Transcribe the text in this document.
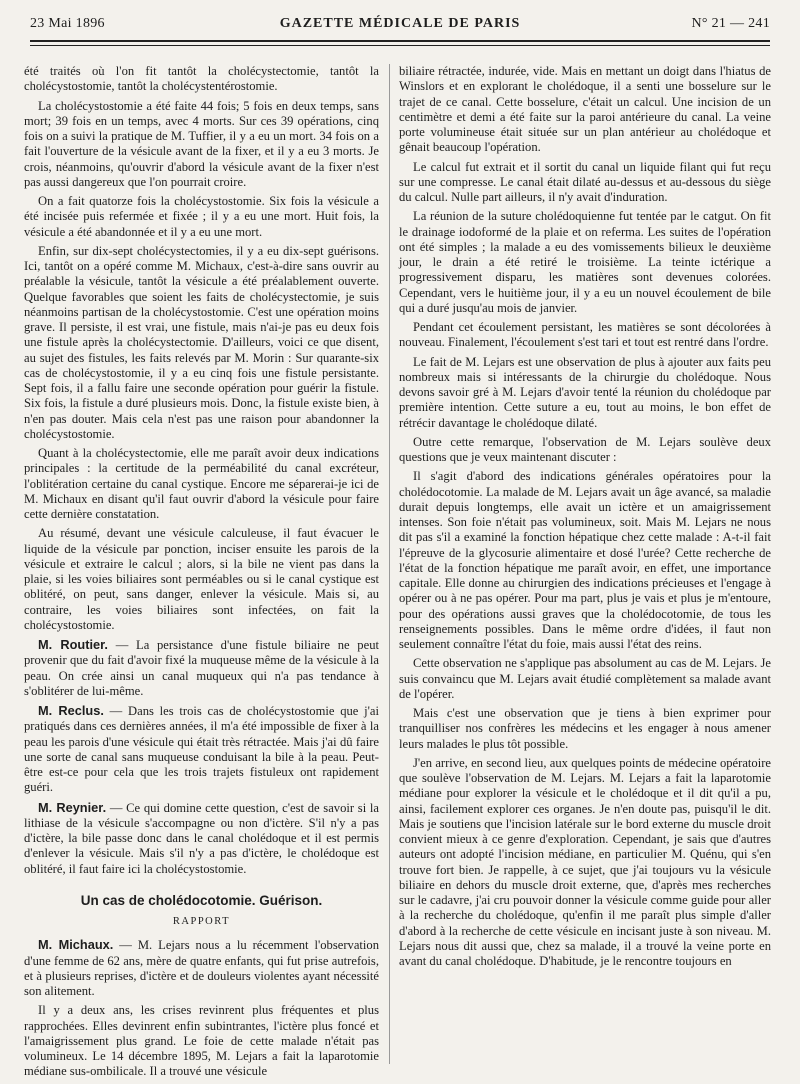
23 Mai 1896	GAZETTE MÉDICALE DE PARIS	N° 21 — 241

été traités où l'on fit tantôt la cholécystectomie, tantôt la cholécystostomie, tantôt la cholécystentérostomie.

La cholécystostomie a été faite 44 fois; 5 fois en deux temps, sans mort; 39 fois en un temps, avec 4 morts. Sur ces 39 opérations, cinq fois on a suivi la pratique de M. Tuffier, il y a eu un mort. 34 fois on a fait l'ouverture de la vésicule avant de la fixer, et il y a eu 3 morts. Je crois, néanmoins, qu'ouvrir d'abord la vésicule avant de la fixer n'est pas aussi dangereux que l'on pourrait croire.

On a fait quatorze fois la cholécystostomie. Six fois la vésicule a été incisée puis refermée et fixée ; il y a eu une mort. Huit fois, la vésicule a été abandonnée et il y a eu une mort.

Enfin, sur dix-sept cholécystectomies, il y a eu dix-sept guérisons. Ici, tantôt on a opéré comme M. Michaux, c'est-à-dire sans ouvrir au préalable la vésicule, tantôt la vésicule a été préalablement ouverte. Quelque favorables que soient les faits de cholécystectomie, je suis néanmoins partisan de la cholécystostomie. C'est une opération moins grave. Il persiste, il est vrai, une fistule, mais n'ai-je pas eu deux fois une fistule après la cholécystectomie. D'ailleurs, voici ce que disent, au sujet des fistules, les faits relevés par M. Morin : Sur quarante-six cas de cholécystostomie, il y a eu cinq fois une fistule persistante. Sept fois, il a fallu faire une seconde opération pour guérir la fistule. Six fois, la fistule a duré plusieurs mois. Donc, la fistule existe bien, à n'en pas douter. Mais cela n'est pas une raison pour abandonner la cholécystostomie.

Quant à la cholécystectomie, elle me paraît avoir deux indications principales : la certitude de la perméabilité du canal excréteur, l'oblitération certaine du canal cystique. Encore me séparerai-je ici de M. Michaux en disant qu'il faut ouvrir d'abord la vésicule pour faire cette dernière constatation.

Au résumé, devant une vésicule calculeuse, il faut évacuer le liquide de la vésicule par ponction, inciser ensuite les parois de la vésicule et extraire le calcul ; alors, si la bile ne vient pas dans la plaie, si les voies biliaires sont perméables ou si le canal cystique est oblitéré, on peut, sans danger, enlever la vésicule. Mais si, au contraire, les voies biliaires sont infectées, on fait la cholécystostomie.

M. Routier. — La persistance d'une fistule biliaire ne peut provenir que du fait d'avoir fixé la muqueuse même de la vésicule à la peau. On crée ainsi un canal muqueux qui n'a pas tendance à s'oblitérer de lui-même.

M. Reclus. — Dans les trois cas de cholécystostomie que j'ai pratiqués dans ces dernières années, il m'a été impossible de fixer à la peau les parois d'une vésicule qui était très rétractée. Mais j'ai dû faire une sorte de canal sans muqueuse conduisant la bile à la peau. Peut-être est-ce pour cela que les trois trajets fistuleux ont rapidement guéri.

M. Reynier. — Ce qui domine cette question, c'est de savoir si la lithiase de la vésicule s'accompagne ou non d'ictère. S'il n'y a pas d'ictère, la bile passe donc dans le canal cholédoque et il est permis d'enlever la vésicule. Mais s'il n'y a pas d'ictère, le cholédoque est oblitéré, il faut faire ici la cholécystostomie.

Un cas de cholédocotomie. Guérison.
RAPPORT

M. Michaux. — M. Lejars nous a lu récemment l'observation d'une femme de 62 ans, mère de quatre enfants, qui fut prise autrefois, et à plusieurs reprises, d'ictère et de douleurs violentes ayant nécessité son alitement.

Il y a deux ans, les crises revinrent plus fréquentes et plus rapprochées. Elles devinrent enfin subintrantes, l'ictère plus foncé et l'amaigrissement plus grand. Le foie de cette malade n'était pas volumineux. Le 14 décembre 1895, M. Lejars a fait la laparotomie médiane sus-ombilicale. Il a trouvé une vésicule

biliaire rétractée, indurée, vide. Mais en mettant un doigt dans l'hiatus de Winslors et en explorant le cholédoque, il a senti une bosselure sur le trajet de ce canal. Cette bosselure, c'était un calcul. Une incision de un centimètre et demi a été faite sur la paroi antérieure du canal. La veine porte volumineuse était située sur un plan antérieur au cholédoque et gênait beaucoup l'opération.

Le calcul fut extrait et il sortit du canal un liquide filant qui fut reçu sur une compresse. Le canal était dilaté au-dessus et au-dessous du siège du calcul. Nulle part ailleurs, il n'y avait d'induration.

La réunion de la suture cholédoquienne fut tentée par le catgut. On fit le drainage iodoformé de la plaie et on referma. Les suites de l'opération ont été simples ; la malade a eu des vomissements bilieux le deuxième jour, le drain a été retiré le troisième. La teinte ictérique a progressivement disparu, les matières sont devenues colorées. Cependant, vers le huitième jour, il y a eu un nouvel écoulement de bile qui a duré jusqu'au mois de janvier.

Pendant cet écoulement persistant, les matières se sont décolorées à nouveau. Finalement, l'écoulement s'est tari et tout est rentré dans l'ordre.

Le fait de M. Lejars est une observation de plus à ajouter aux faits peu nombreux mais si intéressants de la chirurgie du cholédoque. Nous devons savoir gré à M. Lejars d'avoir tenté la réunion du cholédoque par première intention. Cette suture a eu, tout au moins, le bon effet de rétrécir davantage le cholédoque dilaté.

Outre cette remarque, l'observation de M. Lejars soulève deux questions que je veux maintenant discuter :

Il s'agit d'abord des indications générales opératoires pour la cholédocotomie. La malade de M. Lejars avait un âge avancé, sa maladie durait depuis longtemps, elle avait un ictère et un amaigrissement intenses. Son foie n'était pas volumineux, soit. Mais M. Lejars ne nous dit pas s'il a examiné la fonction hépatique chez cette malade : A-t-il fait l'épreuve de la glycosurie alimentaire et dosé l'urée? Cette recherche de l'état de la fonction hépatique me paraît avoir, en effet, une importance capitale. Elle donne au chirurgien des indications précieuses et l'engage à opérer ou à ne pas opérer. Pour ma part, plus je vais et plus je m'entoure, pour des opérations aussi graves que la cholédocotomie, de tous les renseignements possibles. Dans le même ordre d'idées, il faut non seulement connaître l'état du foie, mais aussi l'état des reins.

Cette observation ne s'applique pas absolument au cas de M. Lejars. Je suis convaincu que M. Lejars avait étudié complètement sa malade avant de l'opérer.

Mais c'est une observation que je tiens à bien exprimer pour tranquilliser nos confrères les médecins et les engager à nous amener leurs malades le plus tôt possible.

J'en arrive, en second lieu, aux quelques points de médecine opératoire que soulève l'observation de M. Lejars. M. Lejars a fait la laparotomie médiane pour explorer la vésicule et le cholédoque et il dit qu'il a pu, ainsi, facilement explorer ces organes. Je n'en doute pas, puisqu'il le dit. Mais je soutiens que l'incision latérale sur le bord externe du muscle droit convient mieux à ce genre d'exploration. Cependant, je sais que d'autres auteurs ont adopté l'incision médiane, en particulier M. Quénu, qui s'en trouve fort bien. Je rappelle, à ce sujet, que j'ai toujours vu la vésicule biliaire en dehors du muscle droit externe, que, d'après mes recherches sur le cadavre, j'ai cru pouvoir donner la vésicule comme guide pour aller à la recherche du cholédoque, qu'enfin il me paraît plus simple d'aller d'abord à la recherche de cette vésicule en incisant juste à son niveau. M. Lejars nous dit aussi que, chez sa malade, il a trouvé la veine porte en avant du canal cholédoque. D'habitude, je le rencontre toujours en
